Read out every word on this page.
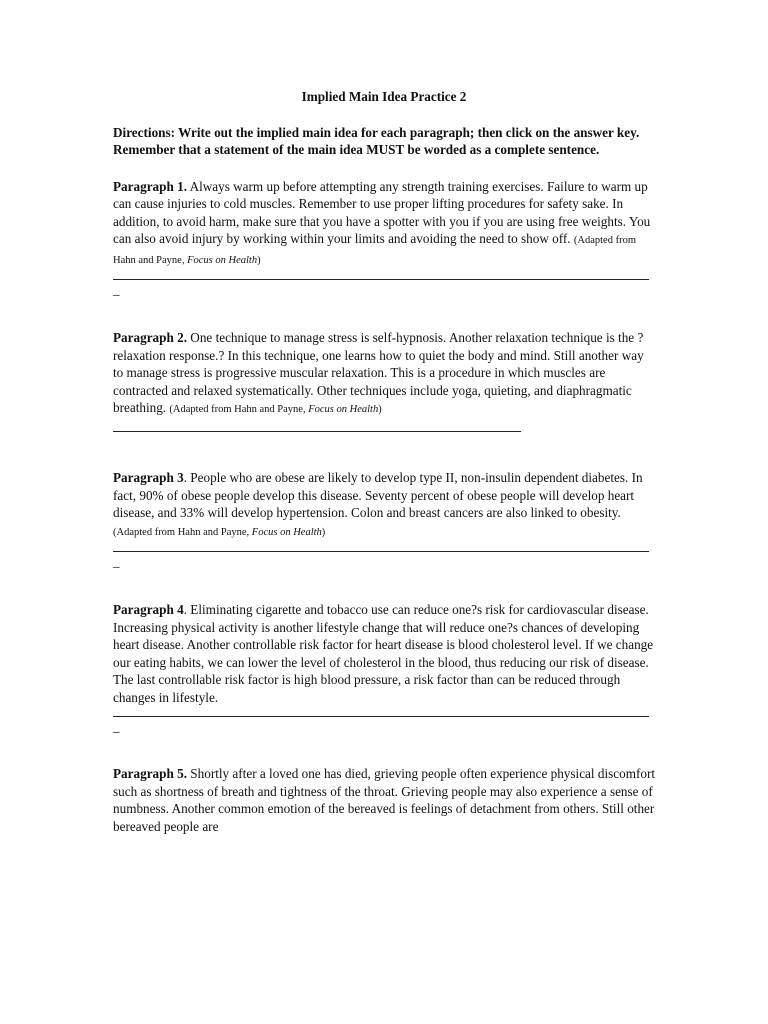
Implied Main Idea Practice 2

Directions: Write out the implied main idea for each paragraph; then click on the answer key. Remember that a statement of the main idea MUST be worded as a complete sentence.

Paragraph 1. Always warm up before attempting any strength training exercises. Failure to warm up can cause injuries to cold muscles. Remember to use proper lifting procedures for safety sake. In addition, to avoid harm, make sure that you have a spotter with you if you are using free weights. You can also avoid injury by working within your limits and avoiding the need to show off. (Adapted from Hahn and Payne, Focus on Health)

_

Paragraph 2. One technique to manage stress is self-hypnosis. Another relaxation technique is the ?relaxation response.? In this technique, one learns how to quiet the body and mind. Still another way to manage stress is progressive muscular relaxation. This is a procedure in which muscles are contracted and relaxed systematically. Other techniques include yoga, quieting, and diaphragmatic breathing. (Adapted from Hahn and Payne, Focus on Health)

Paragraph 3. People who are obese are likely to develop type II, non-insulin dependent diabetes. In fact, 90% of obese people develop this disease. Seventy percent of obese people will develop heart disease, and 33% will develop hypertension. Colon and breast cancers are also linked to obesity. (Adapted from Hahn and Payne, Focus on Health)

_

Paragraph 4. Eliminating cigarette and tobacco use can reduce one?s risk for cardiovascular disease. Increasing physical activity is another lifestyle change that will reduce one?s chances of developing heart disease. Another controllable risk factor for heart disease is blood cholesterol level. If we change our eating habits, we can lower the level of cholesterol in the blood, thus reducing our risk of disease. The last controllable risk factor is high blood pressure, a risk factor than can be reduced through changes in lifestyle.

_

Paragraph 5. Shortly after a loved one has died, grieving people often experience physical discomfort such as shortness of breath and tightness of the throat. Grieving people may also experience a sense of numbness. Another common emotion of the bereaved is feelings of detachment from others. Still other bereaved people are
